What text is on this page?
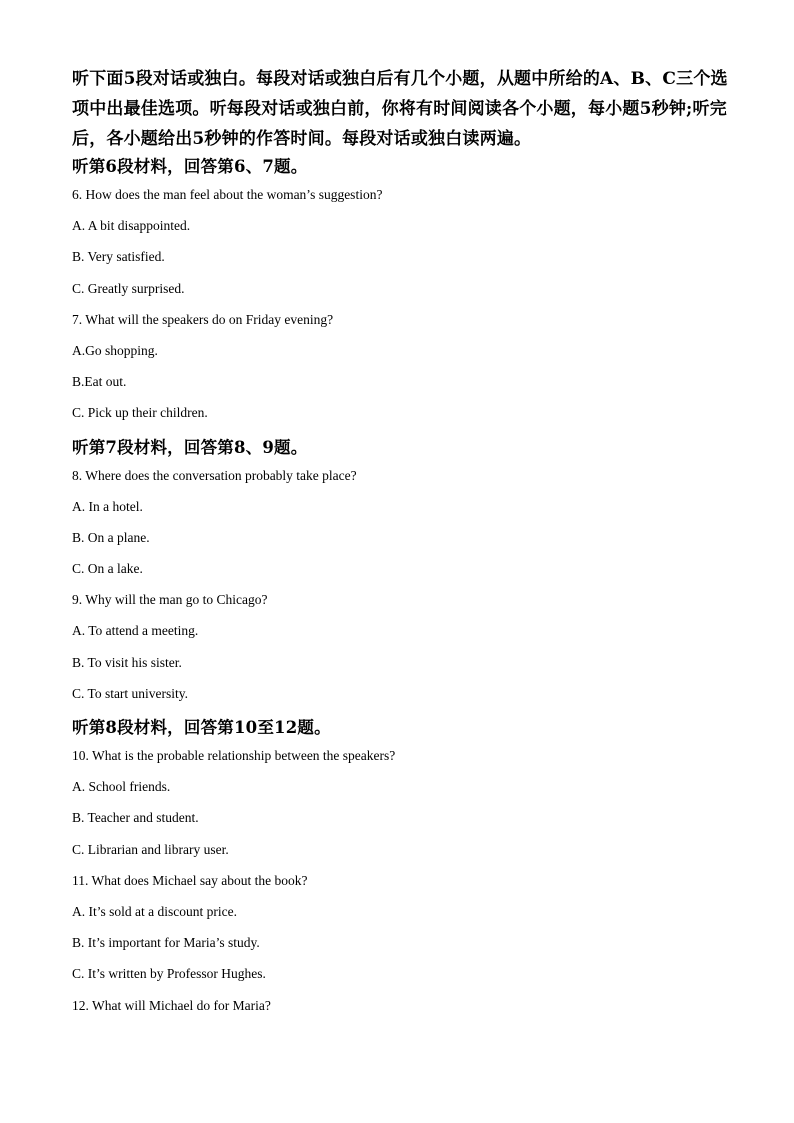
听下面5段对话或独白。每段对话或独白后有几个小题，从题中所给的A、B、C三个选项中出最佳选项。听每段对话或独白前，你将有时间阅读各个小题，每小题5秒钟;听完后，各小题给出5秒钟的作答时间。每段对话或独白读两遍。

听第6段材料，回答第6、7题。

6. How does the man feel about the woman’s suggestion?

A. A bit disappointed.

B. Very satisfied.

C. Greatly surprised.

7. What will the speakers do on Friday evening?

A.Go shopping.

B.Eat out.

C. Pick up their children.

听第7段材料，回答第8、9题。

8. Where does the conversation probably take place?

A. In a hotel.

B. On a plane.

C. On a lake.

9. Why will the man go to Chicago?

A. To attend a meeting.

B. To visit his sister.

C. To start university.

听第8段材料，回答第10至12题。

10. What is the probable relationship between the speakers?

A. School friends.

B. Teacher and student.

C. Librarian and library user.

11. What does Michael say about the book?

A. It’s sold at a discount price.

B. It’s important for Maria’s study.

C. It’s written by Professor Hughes.

12. What will Michael do for Maria?
